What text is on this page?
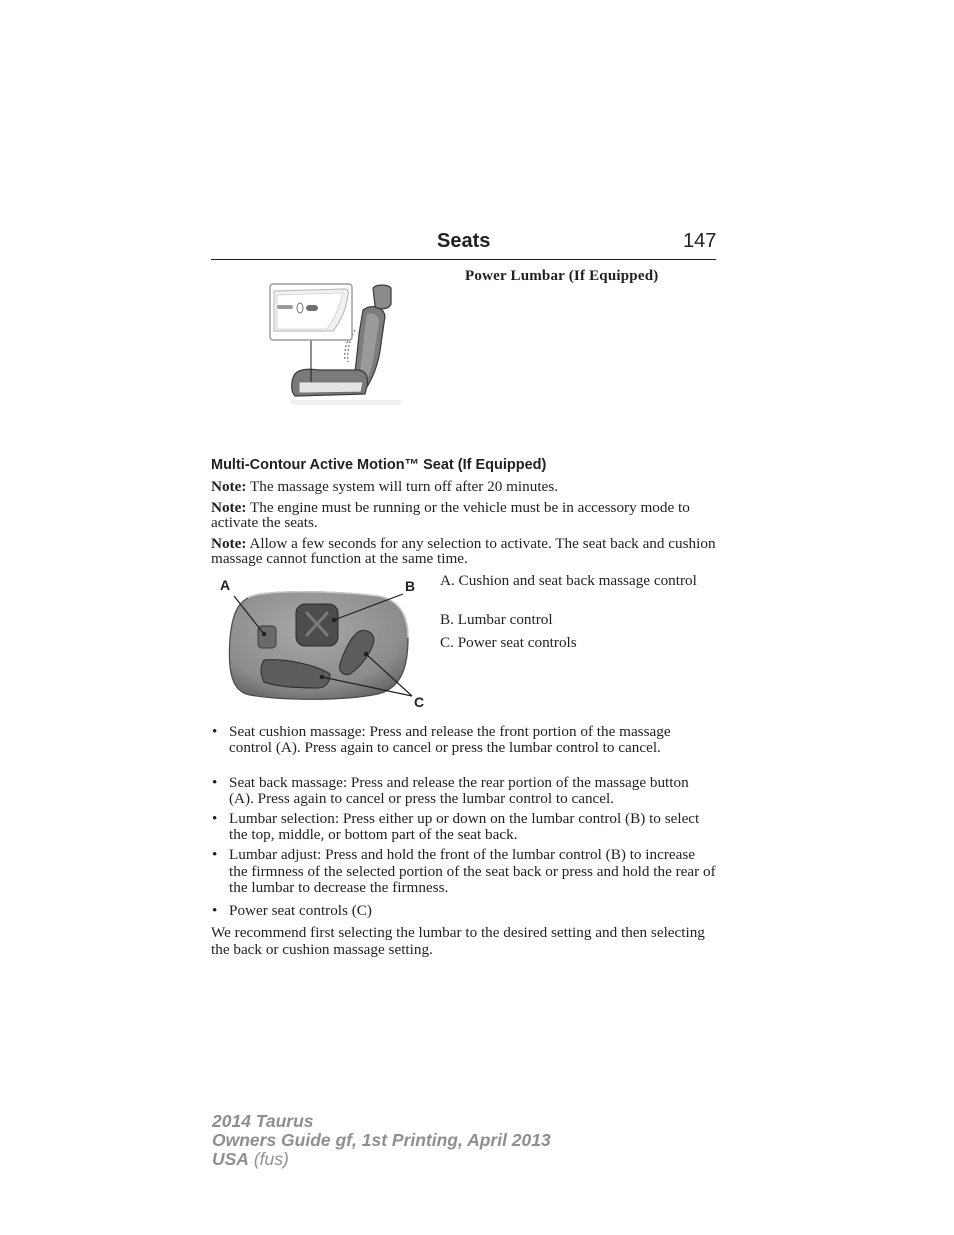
Seats	147
Power Lumbar (If Equipped)
Multi-Contour Active Motion™ Seat (If Equipped)
Note: The massage system will turn off after 20 minutes.
Note: The engine must be running or the vehicle must be in accessory mode to activate the seats.
Note: Allow a few seconds for any selection to activate. The seat back and cushion massage cannot function at the same time.
A	B
C
A. Cushion and seat back massage control
B. Lumbar control
C. Power seat controls
• Seat cushion massage: Press and release the front portion of the massage control (A). Press again to cancel or press the lumbar control to cancel.
• Seat back massage: Press and release the rear portion of the massage button (A). Press again to cancel or press the lumbar control to cancel.
• Lumbar selection: Press either up or down on the lumbar control (B) to select the top, middle, or bottom part of the seat back.
• Lumbar adjust: Press and hold the front of the lumbar control (B) to increase the firmness of the selected portion of the seat back or press and hold the rear of the lumbar to decrease the firmness.
• Power seat controls (C)
We recommend first selecting the lumbar to the desired setting and then selecting the back or cushion massage setting.
2014 Taurus
Owners Guide gf, 1st Printing, April 2013
USA (fus)
